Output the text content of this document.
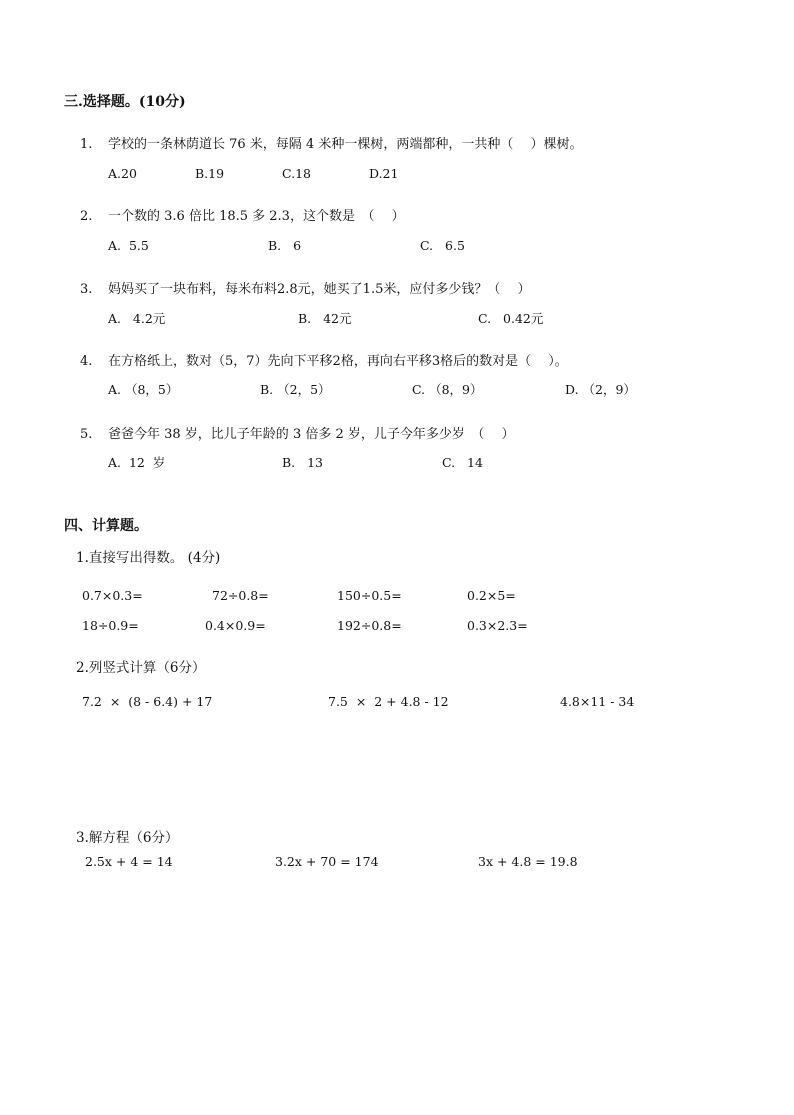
三.选择题。(10分)
1. 学校的一条林荫道长 76 米，每隔 4 米种一棵树，两端都种，一共种（　 ）棵树。
A.20	B.19	C.18	D.21
2. 一个数的 3.6 倍比 18.5 多 2.3，这个数是　（　 ）
A.  5.5	B.   6	C.   6.5
3. 妈妈买了一块布料，每米布料2.8元，她买了1.5米，应付多少钱？（　 ）
A.   4.2元	B.   42元	C.   0.42元
4. 在方格纸上，数对（5，7）先向下平移2格，再向右平移3格后的数对是（　 ）。
A. （8，5）	B. （2，5）	C. （8，9）	D. （2，9）
5. 爸爸今年 38 岁，比儿子年龄的 3 倍多 2 岁，儿子今年多少岁　（　 ）
A.  12  岁	B.   13	C.   14
四、计算题。
1.直接写出得数。 (4分)
0.7×0.3=	72÷0.8=	150÷0.5=	0.2×5=
18÷0.9=	0.4×0.9=	192÷0.8=	0.3×2.3=
2.列竖式计算（6分）
7.2  ×  (8 - 6.4) + 17	7.5  ×  2 + 4.8 - 12	4.8×11 - 34
3.解方程（6分）
2.5x + 4 = 14	3.2x + 70 = 174	3x + 4.8 = 19.8
